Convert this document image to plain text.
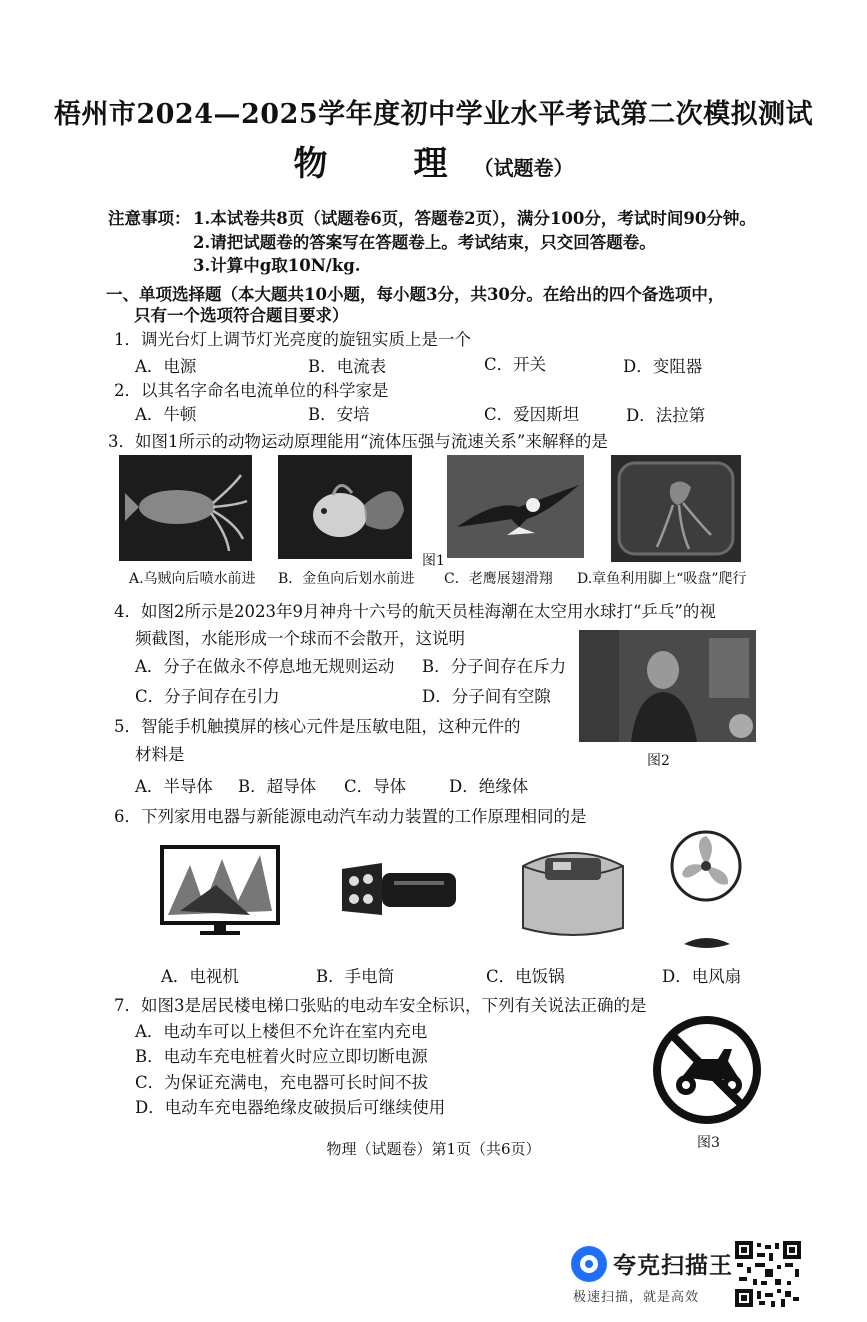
梧州市2024—2025学年度初中学业水平考试第二次模拟测试
物　理（试题卷）
注意事项： 1.本试卷共8页（试题卷6页，答题卷2页），满分100分，考试时间90分钟。
2.请把试题卷的答案写在答题卷上。考试结束，只交回答题卷。
3.计算中g取10N/kg.
一、单项选择题（本大题共10小题，每小题3分，共30分。在给出的四个备选项中，
只有一个选项符合题目要求）
1．调光台灯上调节灯光亮度的旋钮实质上是一个
A．电源	B．电流表	C．开关	D．变阻器
2．以其名字命名电流单位的科学家是
A．牛顿	B．安培	C．爱因斯坦	D．法拉第
3．如图1所示的动物运动原理能用“流体压强与流速关系”来解释的是
图1
A.乌贼向后喷水前进 B．金鱼向后划水前进 C．老鹰展翅滑翔 D.章鱼利用脚上“吸盘”爬行
4．如图2所示是2023年9月神舟十六号的航天员桂海潮在太空用水球打“乒乓”的视
频截图，水能形成一个球而不会散开，这说明
A．分子在做永不停息地无规则运动 B．分子间存在斥力
C．分子间存在引力	D．分子间有空隙
图2
5．智能手机触摸屏的核心元件是压敏电阻，这种元件的
材料是
A．半导体 B．超导体 C．导体	D．绝缘体
6．下列家用电器与新能源电动汽车动力装置的工作原理相同的是
A．电视机	B．手电筒	C．电饭锅	D．电风扇
7．如图3是居民楼电梯口张贴的电动车安全标识，下列有关说法正确的是
A．电动车可以上楼但不允许在室内充电
B．电动车充电桩着火时应立即切断电源
C．为保证充满电，充电器可长时间不拔
D．电动车充电器绝缘皮破损后可继续使用
图3
物理（试题卷）第1页（共6页）
夸克扫描王
极速扫描，就是高效
